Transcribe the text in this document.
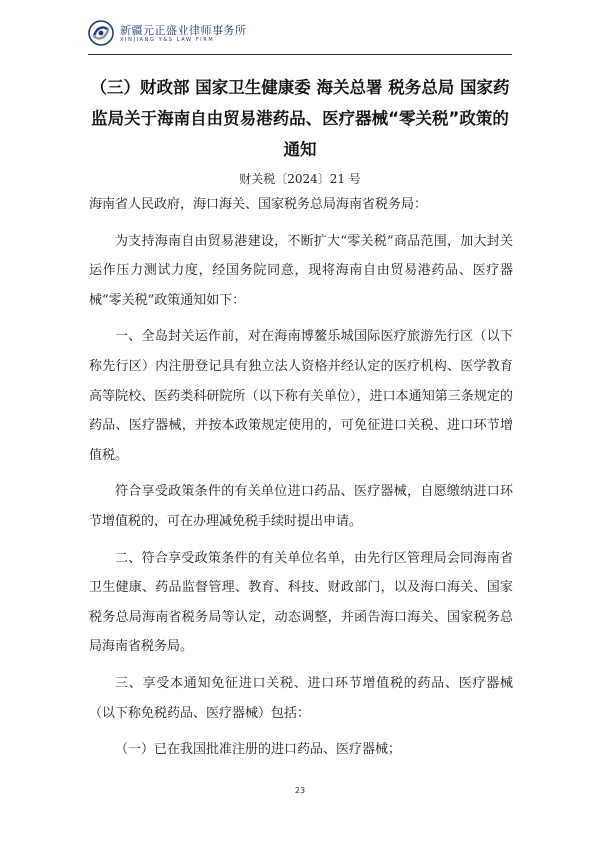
新疆元正盛业律师事务所
XINJIANG Y&S LAW FIRM
（三）财政部 国家卫生健康委 海关总署 税务总局 国家药监局关于海南自由贸易港药品、医疗器械“零关税”政策的通知
财关税〔2024〕21 号

海南省人民政府，海口海关、国家税务总局海南省税务局：

为支持海南自由贸易港建设，不断扩大“零关税”商品范围，加大封关运作压力测试力度，经国务院同意，现将海南自由贸易港药品、医疗器械“零关税”政策通知如下：

一、全岛封关运作前，对在海南博鳌乐城国际医疗旅游先行区（以下称先行区）内注册登记具有独立法人资格并经认定的医疗机构、医学教育高等院校、医药类科研院所（以下称有关单位），进口本通知第三条规定的药品、医疗器械，并按本政策规定使用的，可免征进口关税、进口环节增值税。

符合享受政策条件的有关单位进口药品、医疗器械，自愿缴纳进口环节增值税的，可在办理减免税手续时提出申请。

二、符合享受政策条件的有关单位名单，由先行区管理局会同海南省卫生健康、药品监督管理、教育、科技、财政部门，以及海口海关、国家税务总局海南省税务局等认定，动态调整，并函告海口海关、国家税务总局海南省税务局。

三、享受本通知免征进口关税、进口环节增值税的药品、医疗器械（以下称免税药品、医疗器械）包括：

（一）已在我国批准注册的进口药品、医疗器械；

23
